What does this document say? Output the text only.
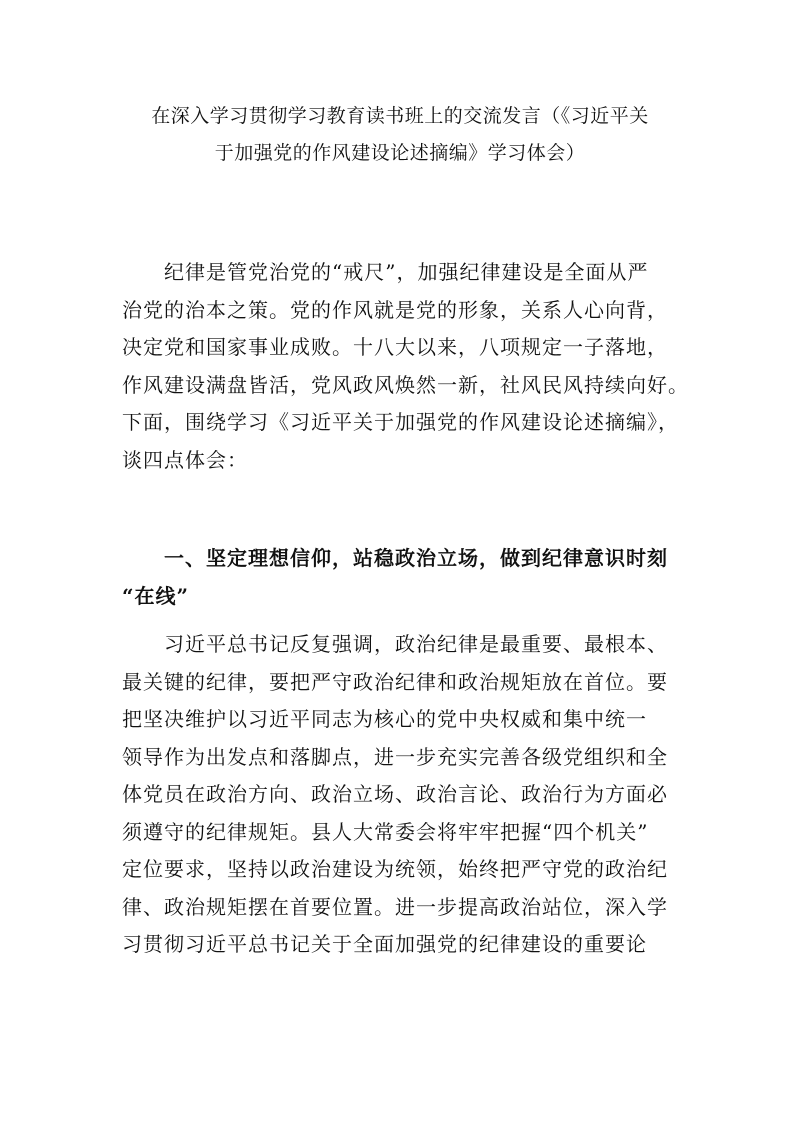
在深入学习贯彻学习教育读书班上的交流发言（《习近平关
于加强党的作风建设论述摘编》学习体会）
　　纪律是管党治党的“戒尺”，加强纪律建设是全面从严
治党的治本之策。党的作风就是党的形象，关系人心向背，
决定党和国家事业成败。十八大以来，八项规定一子落地，
作风建设满盘皆活，党风政风焕然一新，社风民风持续向好。
下面，围绕学习《习近平关于加强党的作风建设论述摘编》，
谈四点体会：
　　一、坚定理想信仰，站稳政治立场，做到纪律意识时刻
“在线”
　　习近平总书记反复强调，政治纪律是最重要、最根本、
最关键的纪律，要把严守政治纪律和政治规矩放在首位。要
把坚决维护以习近平同志为核心的党中央权威和集中统一
领导作为出发点和落脚点，进一步充实完善各级党组织和全
体党员在政治方向、政治立场、政治言论、政治行为方面必
须遵守的纪律规矩。县人大常委会将牢牢把握“四个机关”
定位要求，坚持以政治建设为统领，始终把严守党的政治纪
律、政治规矩摆在首要位置。进一步提高政治站位，深入学
习贯彻习近平总书记关于全面加强党的纪律建设的重要论
